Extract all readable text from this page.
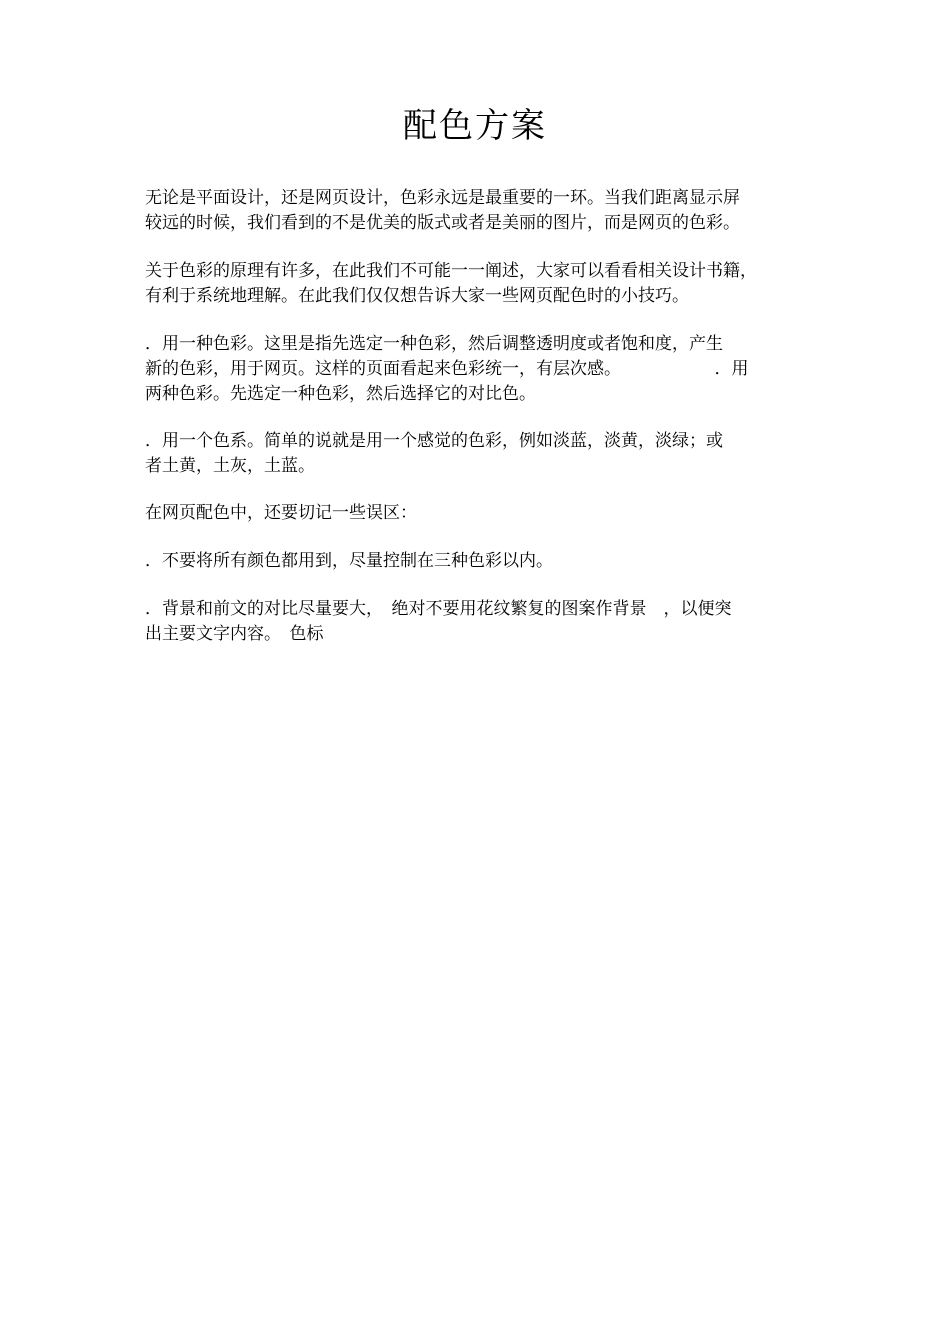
配色方案
无论是平面设计，还是网页设计，色彩永远是最重要的一环。当我们距离显示屏
较远的时候，我们看到的不是优美的版式或者是美丽的图片，而是网页的色彩。
关于色彩的原理有许多，在此我们不可能一一阐述，大家可以看看相关设计书籍，
有利于系统地理解。在此我们仅仅想告诉大家一些网页配色时的小技巧。
．用一种色彩。这里是指先选定一种色彩，然后调整透明度或者饱和度，产生
新的色彩，用于网页。这样的页面看起来色彩统一，有层次感。　　　　　　．用
两种色彩。先选定一种色彩，然后选择它的对比色。
．用一个色系。简单的说就是用一个感觉的色彩，例如淡蓝，淡黄，淡绿；或
者土黄，土灰，土蓝。
在网页配色中，还要切记一些误区：
．不要将所有颜色都用到，尽量控制在三种色彩以内。
．背景和前文的对比尽量要大，　绝对不要用花纹繁复的图案作背景　，以便突
出主要文字内容。　色标
